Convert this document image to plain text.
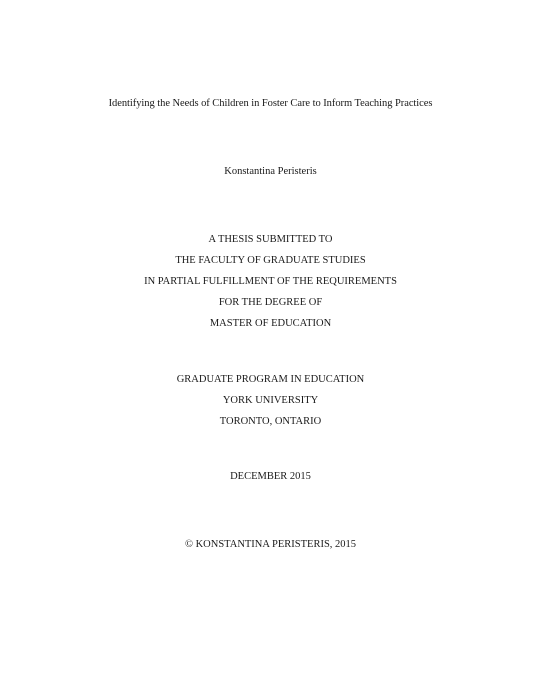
Identifying the Needs of Children in Foster Care to Inform Teaching Practices
Konstantina Peristeris
A THESIS SUBMITTED TO
THE FACULTY OF GRADUATE STUDIES
IN PARTIAL FULFILLMENT OF THE REQUIREMENTS
FOR THE DEGREE OF
MASTER OF EDUCATION
GRADUATE PROGRAM IN EDUCATION
YORK UNIVERSITY
TORONTO, ONTARIO
DECEMBER 2015
© KONSTANTINA PERISTERIS, 2015
